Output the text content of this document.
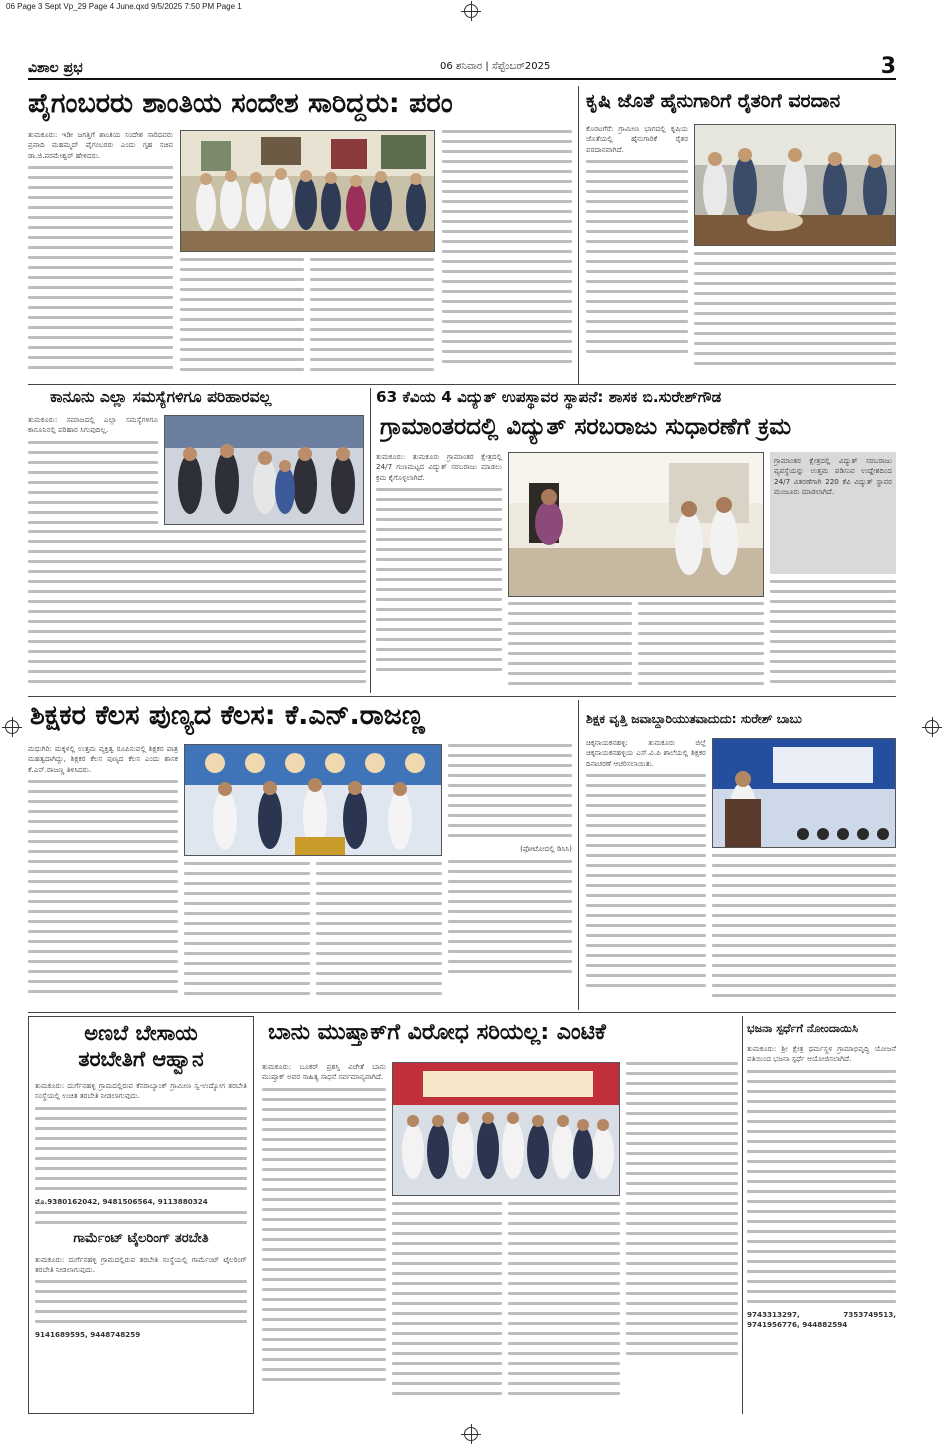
06 Page 3 Sept Vp_29 Page 4 June.qxd 9/5/2025 7:50 PM Page 1
ವಿಶಾಲ ಪ್ರಭ	06 ಶನಿವಾರ | ಸೆಪ್ಟೆಂಬರ್2025	3
ಪೈಗಂಬರರು ಶಾಂತಿಯ ಸಂದೇಶ ಸಾರಿದ್ದರು: ಪರಂ
ತುಮಕೂರು: ಇಡೀ ಜಗತ್ತಿಗೆ ಶಾಂತಿಯ ಸಂದೇಶ ಸಾರಿದವರು ಪ್ರವಾದಿ ಮಹಮ್ಮದ್ ಪೈಗಂಬರರು ಎಂದು ಗೃಹ ಸಚಿವ ಡಾ.ಜಿ.ಪರಮೇಶ್ವರ್ ಹೇಳಿದರು.
ಕೃಷಿ ಜೊತೆ ಹೈನುಗಾರಿಗೆ ರೈತರಿಗೆ ವರದಾನ
ಕೊರಟಗೆರೆ: ಗ್ರಾಮೀಣ ಭಾಗದಲ್ಲಿ ಕೃಷಿಯ ಜೊತೆಯಲ್ಲಿ ಹೈನುಗಾರಿಕೆ ರೈತರ ವರದಾನವಾಗಿದೆ.
ಕಾನೂನು ಎಲ್ಲಾ ಸಮಸ್ಯೆಗಳಿಗೂ ಪರಿಹಾರವಲ್ಲ
ತುಮಕೂರು: ಸಮಾಜದಲ್ಲಿ ಎಲ್ಲಾ ಸಮಸ್ಯೆಗಳಿಗೂ ಕಾನೂನಿನಲ್ಲಿ ಪರಿಹಾರ ಸಿಗುವುದಿಲ್ಲ.
63 ಕೆವಿಯ 4 ವಿದ್ಯುತ್ ಉಪಸ್ಥಾವರ ಸ್ಥಾಪನೆ: ಶಾಸಕ ಬಿ.ಸುರೇಶ್‌ಗೌಡ
ಗ್ರಾಮಾಂತರದಲ್ಲಿ ವಿದ್ಯುತ್ ಸರಬರಾಜು ಸುಧಾರಣೆಗೆ ಕ್ರಮ
ತುಮಕೂರು: ತುಮಕೂರು ಗ್ರಾಮಾಂತರ ಕ್ಷೇತ್ರದಲ್ಲಿ 24/7 ಗುಣಮಟ್ಟದ ವಿದ್ಯುತ್ ಸರಬರಾಜು ಮಾಡಲು ಕ್ರಮ ಕೈಗೊಳ್ಳಲಾಗಿದೆ.
ಗ್ರಾಮಾಂತರ ಕ್ಷೇತ್ರದಲ್ಲಿ ವಿದ್ಯುತ್ ಸರಬರಾಜು ವ್ಯವಸ್ಥೆಯನ್ನು ಉತ್ತಮ ಪಡಿಸುವ ಉದ್ದೇಶದಿಂದ 24/7 ವಿತರಣೆಗಾಗಿ 220 ಕೆವಿ ವಿದ್ಯುತ್ ಸ್ಥಾವರ ಮಂಜೂರು ಮಾಡಲಾಗಿದೆ.
ಶಿಕ್ಷಕರ ಕೆಲಸ ಪುಣ್ಯದ ಕೆಲಸ: ಕೆ.ಎನ್.ರಾಜಣ್ಣ
ಮಧುಗಿರಿ: ಮಕ್ಕಳಲ್ಲಿ ಉತ್ತಮ ವ್ಯಕ್ತಿತ್ವ ರೂಪಿಸುವಲ್ಲಿ ಶಿಕ್ಷಕರ ಪಾತ್ರ ಮಹತ್ವದಾಗಿದ್ದು, ಶಿಕ್ಷಕರ ಕೆಲಸ ಪುಣ್ಯದ ಕೆಲಸ ಎಂದು ಶಾಸಕ ಕೆ.ಎನ್.ರಾಜಣ್ಣ ತಿಳಿಸಿದರು.
(ಫೋಟೋದಲ್ಲಿ ಡಿಸಿಸಿ)
ಶಿಕ್ಷಕ ವೃತ್ತಿ ಜವಾಬ್ದಾರಿಯುತವಾದುದು: ಸುರೇಶ್ ಬಾಬು
ಚಿಕ್ಕನಾಯಕನಹಳ್ಳಿ: ತುಮಕೂರು ಜಿಲ್ಲೆ ಚಿಕ್ಕನಾಯಕನಹಳ್ಳಿಯ ಎಸ್.ವಿ.ಪಿ ಶಾಲೆಯಲ್ಲಿ ಶಿಕ್ಷಕರ ದಿನಾಚರಣೆ ಆಚರಿಸಲಾಯಿತು.
ಅಣಬೆ ಬೇಸಾಯ
ತರಬೇತಿಗೆ ಆಹ್ವಾನ
ತುಮಕೂರು: ದುರ್ಗೆನಹಳ್ಳಿ ಗ್ರಾಮದಲ್ಲಿರುವ ಕೆನರಾಬ್ಯಾಂಕ್ ಗ್ರಾಮೀಣ ಸ್ವ-ಉದ್ಯೋಗ ತರಬೇತಿ ಸಂಸ್ಥೆಯಲ್ಲಿ ಉಚಿತ ತರಬೇತಿ ನೀಡಲಾಗುವುದು.
ಮೊ.9380162042, 9481506564, 9113880324
ಗಾರ್ಮೆಂಟ್ ಟೈಲರಿಂಗ್ ತರಬೇತಿ
ತುಮಕೂರು: ದುರ್ಗೆನಹಳ್ಳಿ ಗ್ರಾಮದಲ್ಲಿರುವ ತರಬೇತಿ ಸಂಸ್ಥೆಯಲ್ಲಿ ಗಾರ್ಮೆಂಟ್ ಟೈಲರಿಂಗ್ ತರಬೇತಿ ನೀಡಲಾಗುವುದು.
9141689595, 9448748259
ಬಾನು ಮುಷ್ತಾಕ್‌ಗೆ ವಿರೋಧ ಸರಿಯಲ್ಲ: ಎಂಟಿಕೆ
ತುಮಕೂರು: ಬೂಕರ್ ಪ್ರಶಸ್ತಿ ವಿಜೇತೆ ಬಾನು ಮುಷ್ತಾಕ್ ಅವರ ಸಾಹಿತ್ಯ ಸಾಧನೆ ಸರ್ವಮಾನ್ಯವಾಗಿದೆ.
ಭಜನಾ ಸ್ಪರ್ಧೆಗೆ ನೋಂದಾಯಿಸಿ
ತುಮಕೂರು: ಶ್ರೀ ಕ್ಷೇತ್ರ ಧರ್ಮಸ್ಥಳ ಗ್ರಾಮಾಭಿವೃದ್ಧಿ ಯೋಜನೆ ವತಿಯಿಂದ ಭಜನಾ ಸ್ಪರ್ಧೆ ಆಯೋಜಿಸಲಾಗಿದೆ.
9743313297, 7353749513, 9741956776, 944882594
